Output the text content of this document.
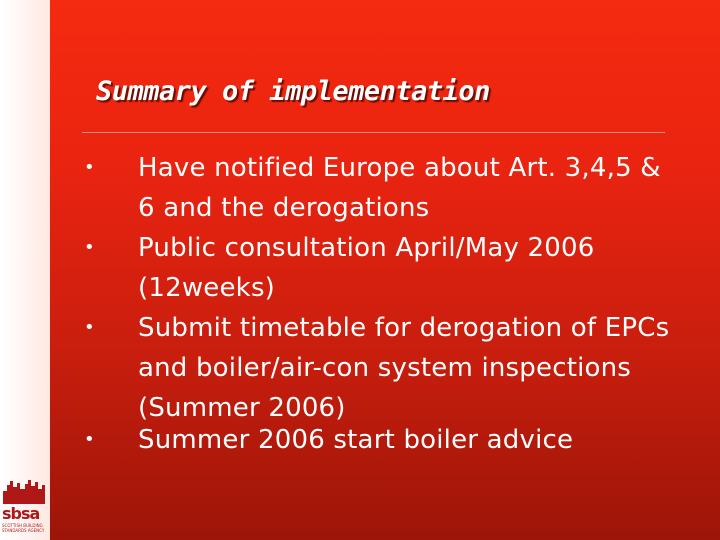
Summary of implementation
• Have notified Europe about Art. 3,4,5 & 6 and the derogations
• Public consultation April/May 2006 (12weeks)
• Submit timetable for derogation of EPCs and boiler/air-con system inspections (Summer 2006)
• Summer 2006 start boiler advice
sbsa
SCOTTISH BUILDING STANDARDS AGENCY
